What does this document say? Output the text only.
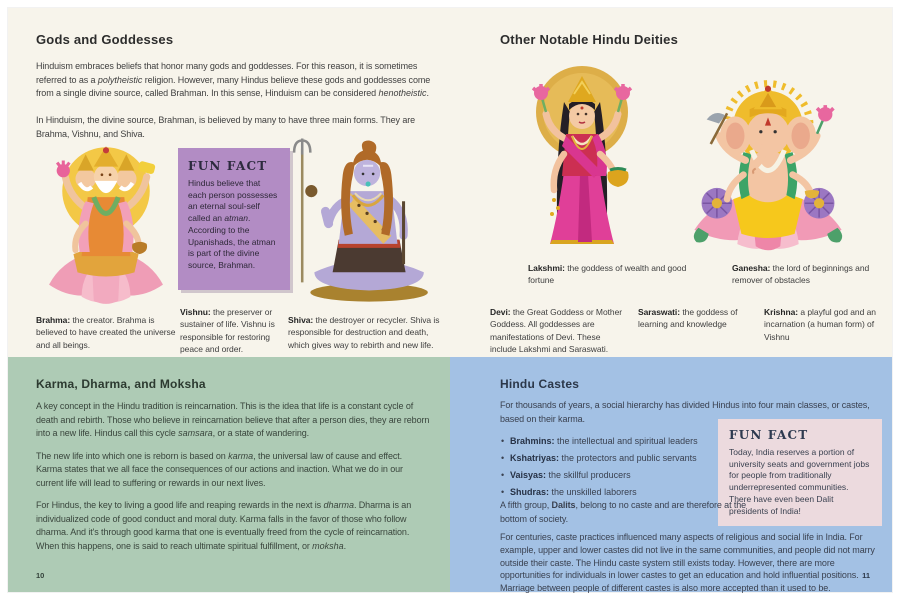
Gods and Goddesses

Hinduism embraces beliefs that honor many gods and goddesses. For this reason, it is sometimes referred to as a polytheistic religion. However, many Hindus believe these gods and goddesses come from a single divine source, called Brahman. In this sense, Hinduism can be considered henotheistic.

In Hinduism, the divine source, Brahman, is believed by many to have three main forms. They are Brahma, Vishnu, and Shiva.

FUN FACT

Hindus believe that each person possesses an eternal soul-self called an atman. According to the Upanishads, the atman is part of the divine source, Brahman.

Brahma: the creator. Brahma is believed to have created the universe and all beings.

Vishnu: the preserver or sustainer of life. Vishnu is responsible for restoring peace and order.

Shiva: the destroyer or recycler. Shiva is responsible for destruction and death, which gives way to rebirth and new life.

Karma, Dharma, and Moksha

A key concept in the Hindu tradition is reincarnation. This is the idea that life is a constant cycle of death and rebirth. Those who believe in reincarnation believe that after a person dies, they are reborn into a new life. Hindus call this cycle samsara, or a state of wandering.

The new life into which one is reborn is based on karma, the universal law of cause and effect. Karma states that we all face the consequences of our actions and inaction. What we do in our current life will lead to suffering or rewards in our next lives.

For Hindus, the key to living a good life and reaping rewards in the next is dharma. Dharma is an individualized code of good conduct and moral duty. Karma falls in the favor of those who follow dharma. And it's through good karma that one is eventually freed from the cycle of reincarnation. When this happens, one is said to reach ultimate spiritual fulfillment, or moksha.

10
Other Notable Hindu Deities

Lakshmi: the goddess of wealth and good fortune

Ganesha: the lord of beginnings and remover of obstacles

Devi: the Great Goddess or Mother Goddess. All goddesses are manifestations of Devi. These include Lakshmi and Saraswati.

Saraswati: the goddess of learning and knowledge

Krishna: a playful god and an incarnation (a human form) of Vishnu

Hindu Castes

For thousands of years, a social hierarchy has divided Hindus into four main classes, or castes, based on their karma.

• Brahmins: the intellectual and spiritual leaders
• Kshatriyas: the protectors and public servants
• Vaisyas: the skillful producers
• Shudras: the unskilled laborers

FUN FACT

Today, India reserves a portion of university seats and government jobs for people from traditionally underrepresented communities. There have even been Dalit presidents of India!

A fifth group, Dalits, belong to no caste and are therefore at the bottom of society.

For centuries, caste practices influenced many aspects of religious and social life in India. For example, upper and lower castes did not live in the same communities, and people did not marry outside their caste. The Hindu caste system still exists today. However, there are more opportunities for individuals in lower castes to get an education and hold influential positions. Marriage between people of different castes is also more accepted than it used to be.

11
